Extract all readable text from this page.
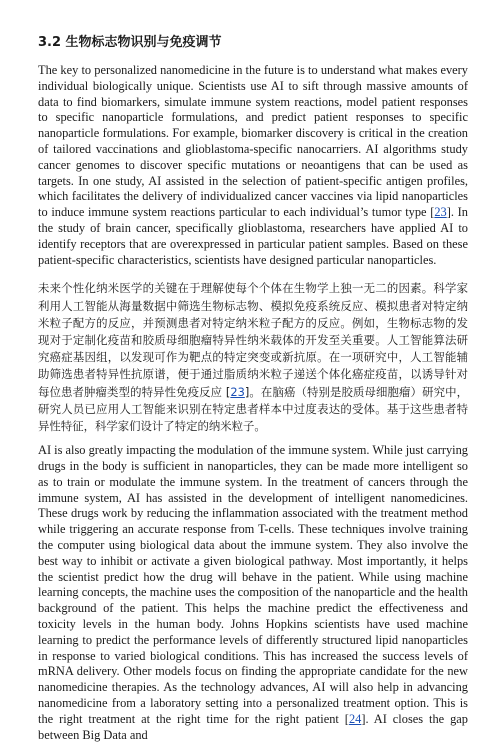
3.2 生物标志物识别与免疫调节

The key to personalized nanomedicine in the future is to understand what makes every individual biologically unique. Scientists use AI to sift through massive amounts of data to find biomarkers, simulate immune system reactions, model patient responses to specific nanoparticle formulations, and predict patient responses to specific nanoparticle formulations. For example, biomarker discovery is critical in the creation of tailored vaccinations and glioblastoma-specific nanocarriers. AI algorithms study cancer genomes to discover specific mutations or neoantigens that can be used as targets. In one study, AI assisted in the selection of patient-specific antigen profiles, which facilitates the delivery of individualized cancer vaccines via lipid nanoparticles to induce immune system reactions particular to each individual’s tumor type [23]. In the study of brain cancer, specifically glioblastoma, researchers have applied AI to identify receptors that are overexpressed in particular patient samples. Based on these patient-specific characteristics, scientists have designed particular nanoparticles.

未来个性化纳米医学的关键在于理解使每个个体在生物学上独一无二的因素。科学家利用人工智能从海量数据中筛选生物标志物、模拟免疫系统反应、模拟患者对特定纳米粒子配方的反应，并预测患者对特定纳米粒子配方的反应。例如，生物标志物的发现对于定制化疫苗和胶质母细胞瘤特异性纳米载体的开发至关重要。人工智能算法研究癌症基因组，以发现可作为靶点的特定突变或新抗原。在一项研究中，人工智能辅助筛选患者特异性抗原谱，便于通过脂质纳米粒子递送个体化癌症疫苗，以诱导针对每位患者肿瘤类型的特异性免疫反应 [23]。在脑癌（特别是胶质母细胞瘤）研究中，研究人员已应用人工智能来识别在特定患者样本中过度表达的受体。基于这些患者特异性特征，科学家们设计了特定的纳米粒子。

AI is also greatly impacting the modulation of the immune system. While just carrying drugs in the body is sufficient in nanoparticles, they can be made more intelligent so as to train or modulate the immune system. In the treatment of cancers through the immune system, AI has assisted in the development of intelligent nanomedicines. These drugs work by reducing the inflammation associated with the treatment method while triggering an accurate response from T-cells. These techniques involve training the computer using biological data about the immune system. They also involve the best way to inhibit or activate a given biological pathway. Most importantly, it helps the scientist predict how the drug will behave in the patient. While using machine learning concepts, the machine uses the composition of the nanoparticle and the health background of the patient. This helps the machine predict the effectiveness and toxicity levels in the human body. Johns Hopkins scientists have used machine learning to predict the performance levels of differently structured lipid nanoparticles in response to varied biological conditions. This has increased the success levels of mRNA delivery. Other models focus on finding the appropriate candidate for the new nanomedicine therapies. As the technology advances, AI will also help in advancing nanomedicine from a laboratory setting into a personalized treatment option. This is the right treatment at the right time for the right patient [24]. AI closes the gap between Big Data and
